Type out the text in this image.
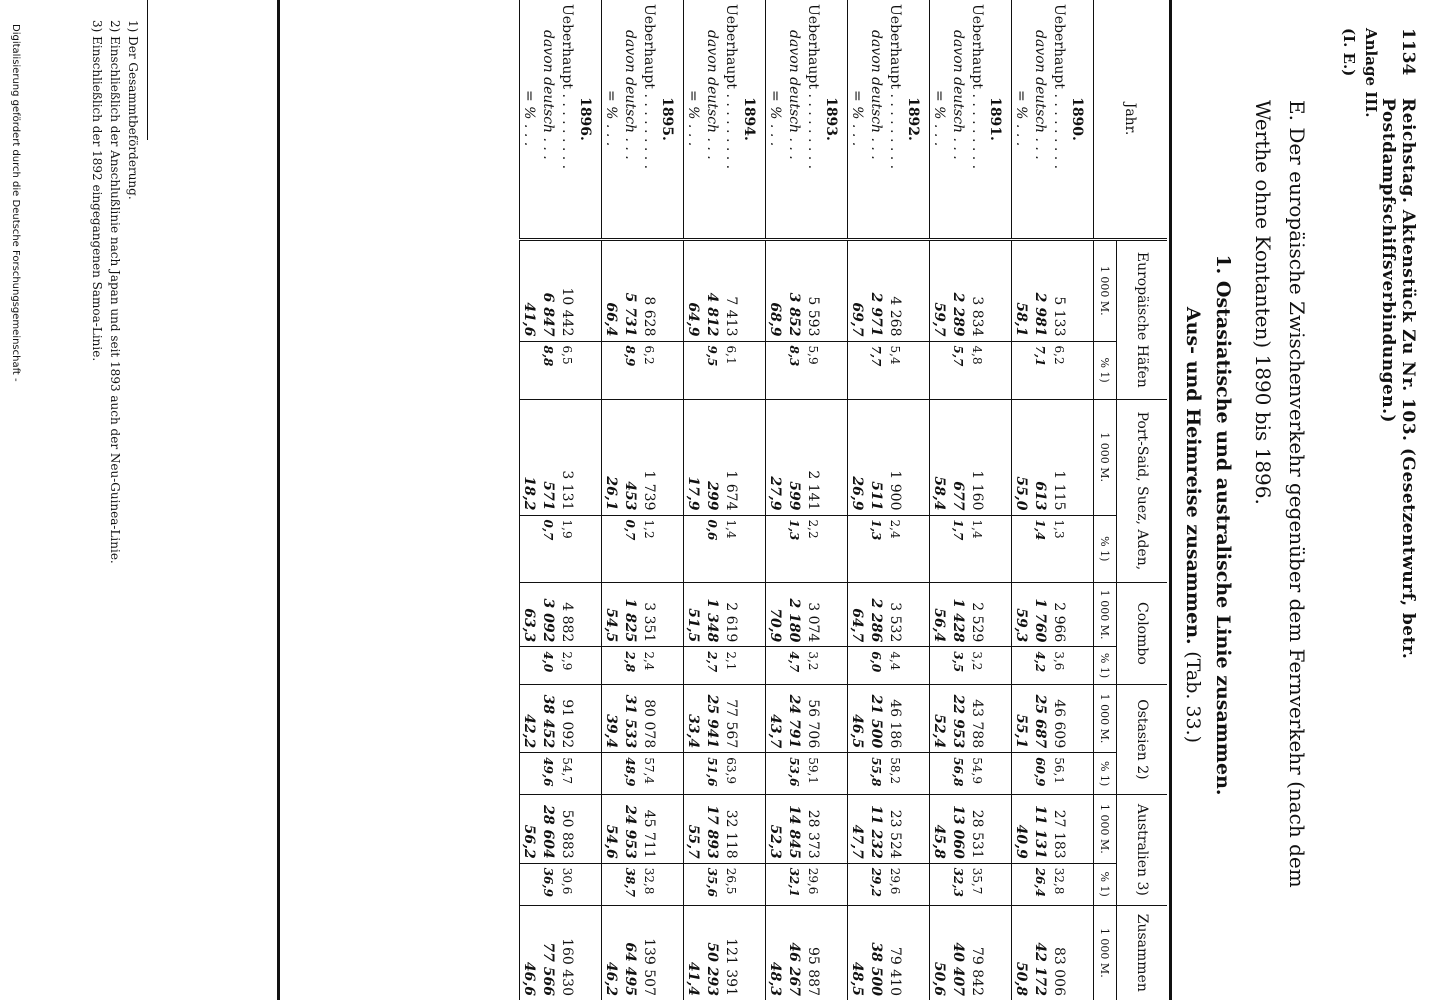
1134
Reichstag. Aktenstück Zu Nr. 103. (Gesetzentwurf, betr. Postdampfschiffsverbindungen.)
Anlage III.
(I. E.)
E. Der europäische Zwischenverkehr gegenüber dem Fernverkehr (nach dem Werthe ohne Kontanten) 1890 bis 1896.
1. Ostasiatische und australische Linie zusammen.
Aus- und Heimreise zusammen. (Tab. 33.)
Jahr.	Europäische Häfen		Port-Said, Suez, Aden,		Colombo		Ostasien 2)		Australien 3)		Zusammen
	1 000 M.	% 1)	1 000 M.	% 1)	1 000 M.	% 1)	1 000 M.	% 1)	1 000 M.	% 1)	1 000 M.
1890.											
Ueberhaupt . . . . . . . . .	5 133	6,2	1 115	1,3	2 966	3,6	46 609	56,1	27 183	32,8	83 006
davon deutsch . . .	2 981	7,1	613	1,4	1 760	4,2	25 687	60,9	11 131	26,4	42 172
= % . . .	58,1		55,0		59,3		55,1		40,9		50,8
1891.											
Ueberhaupt . . . . . . . . .	3 834	4,8	1 160	1,4	2 529	3,2	43 788	54,9	28 531	35,7	79 842
davon deutsch . . .	2 289	5,7	677	1,7	1 428	3,5	22 953	56,8	13 060	32,3	40 407
= % . . .	59,7		58,4		56,4		52,4		45,8		50,6
1892.											
Ueberhaupt . . . . . . . . .	4 268	5,4	1 900	2,4	3 532	4,4	46 186	58,2	23 524	29,6	79 410
davon deutsch . . .	2 971	7,7	511	1,3	2 286	6,0	21 500	55,8	11 232	29,2	38 500
= % . . .	69,7		26,9		64,7		46,5		47,7		48,5
1893.											
Ueberhaupt . . . . . . . . .	5 593	5,9	2 141	2,2	3 074	3,2	56 706	59,1	28 373	29,6	95 887
davon deutsch . . .	3 852	8,3	599	1,3	2 180	4,7	24 791	53,6	14 845	32,1	46 267
= % . . .	68,9		27,9		70,9		43,7		52,3		48,3
1894.											
Ueberhaupt . . . . . . . . .	7 413	6,1	1 674	1,4	2 619	2,1	77 567	63,9	32 118	26,5	121 391
davon deutsch . . .	4 812	9,5	299	0,6	1 348	2,7	25 941	51,6	17 893	35,6	50 293
= % . . .	64,9		17,9		51,5		33,4		55,7		41,4
1895.											
Ueberhaupt . . . . . . . . .	8 628	6,2	1 739	1,2	3 351	2,4	80 078	57,4	45 711	32,8	139 507
davon deutsch . . .	5 731	8,9	453	0,7	1 825	2,8	31 533	48,9	24 953	38,7	64 495
= % . . .	66,4		26,1		54,5		39,4		54,6		46,2
1896.											
Ueberhaupt . . . . . . . . .	10 442	6,5	3 131	1,9	4 882	2,9	91 092	54,7	50 883	30,6	160 430
davon deutsch . . .	6 847	8,8	571	0,7	3 092	4,0	38 452	49,6	28 604	36,9	77 566
= % . . .	41,6		18,2		63,3		42,2		56,2		46,6
1) Der Gesammtbeförderung.
2) Einschließlich der Anschlußlinie nach Japan und seit 1893 auch der Neu-Guinea-Linie.
3) Einschließlich der 1892 eingegangenen Samoa-Linie.
Digitalisierung gefördert durch die Deutsche Forschungsgemeinschaft -
